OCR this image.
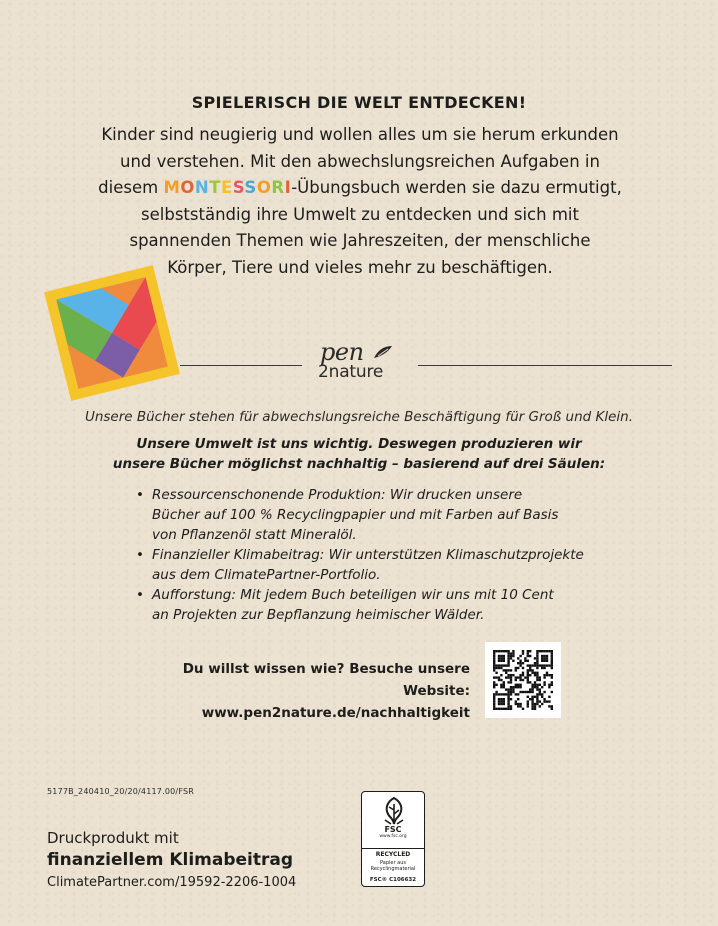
SPIELERISCH DIE WELT ENTDECKEN!
Kinder sind neugierig und wollen alles um sie herum erkunden
und verstehen. Mit den abwechslungsreichen Aufgaben in
diesem MONTESSORI-Übungsbuch werden sie dazu ermutigt,
selbstständig ihre Umwelt zu entdecken und sich mit
spannenden Themen wie Jahreszeiten, der menschliche
Körper, Tiere und vieles mehr zu beschäftigen.
pen
2nature
Unsere Bücher stehen für abwechslungsreiche Beschäftigung für Groß und Klein.
Unsere Umwelt ist uns wichtig. Deswegen produzieren wir
unsere Bücher möglichst nachhaltig – basierend auf drei Säulen:
• Ressourcenschonende Produktion: Wir drucken unsere
Bücher auf 100 % Recyclingpapier und mit Farben auf Basis
von Pflanzenöl statt Mineralöl.
• Finanzieller Klimabeitrag: Wir unterstützen Klimaschutzprojekte
aus dem ClimatePartner-Portfolio.
• Aufforstung: Mit jedem Buch beteiligen wir uns mit 10 Cent
an Projekten zur Bepflanzung heimischer Wälder.
Du willst wissen wie? Besuche unsere Website:
www.pen2nature.de/nachhaltigkeit
5177B_240410_20/20/4117.00/FSR
Druckprodukt mit
finanziellem Klimabeitrag
ClimatePartner.com/19592-2206-1004
FSC
www.fsc.org
RECYCLED
Papier aus
Recyclingmaterial
FSC® C106632
